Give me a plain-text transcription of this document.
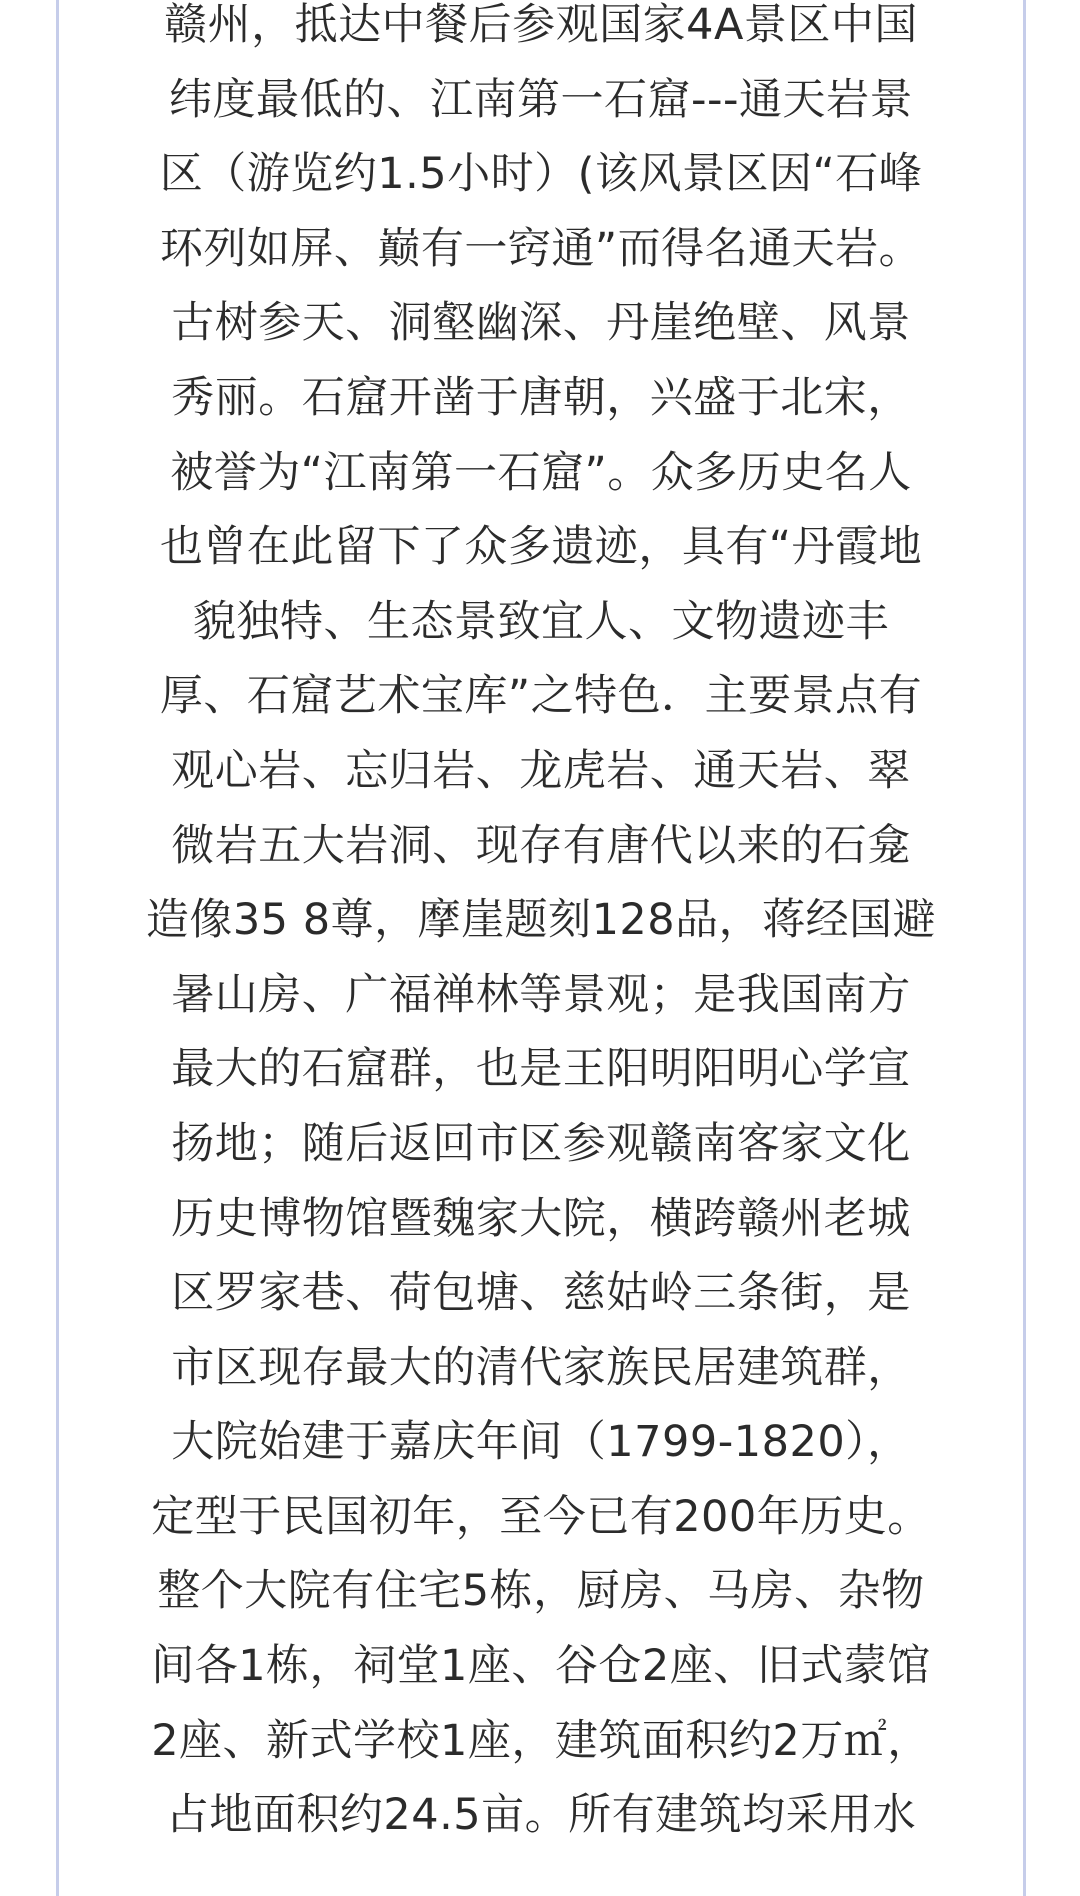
赣州，抵达中餐后参观国家4A景区中国
纬度最低的、江南第一石窟---通天岩景
区（游览约1.5小时）(该风景区因“石峰
环列如屏、巅有一窍通”而得名通天岩。
古树参天、洞壑幽深、丹崖绝壁、风景
秀丽。石窟开凿于唐朝，兴盛于北宋，
被誉为“江南第一石窟”。众多历史名人
也曾在此留下了众多遗迹，具有“丹霞地
貌独特、生态景致宜人、文物遗迹丰
厚、石窟艺术宝库”之特色．主要景点有
观心岩、忘归岩、龙虎岩、通天岩、翠
微岩五大岩洞、现存有唐代以来的石龛
造像35 8尊，摩崖题刻128品，蒋经国避
暑山房、广福禅林等景观；是我国南方
最大的石窟群，也是王阳明阳明心学宣
扬地；随后返回市区参观赣南客家文化
历史博物馆暨魏家大院，横跨赣州老城
区罗家巷、荷包塘、慈姑岭三条街，是
市区现存最大的清代家族民居建筑群，
大院始建于嘉庆年间（1799-1820），
定型于民国初年，至今已有200年历史。
整个大院有住宅5栋，厨房、马房、杂物
间各1栋，祠堂1座、谷仓2座、旧式蒙馆
2座、新式学校1座，建筑面积约2万㎡，
占地面积约24.5亩。所有建筑均采用水
